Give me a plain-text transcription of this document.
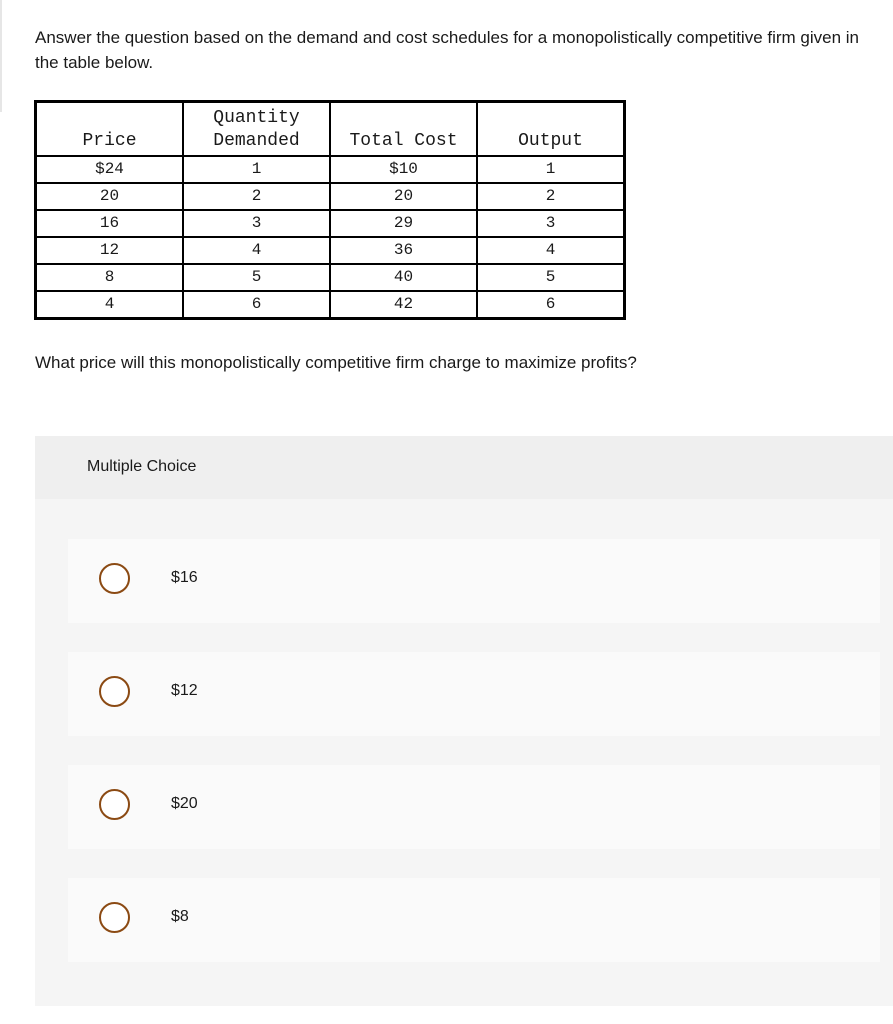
Answer the question based on the demand and cost schedules for a monopolistically competitive firm given in the table below.
Price	Quantity Demanded	Total Cost	Output
$24	1	$10	1
20	2	20	2
16	3	29	3
12	4	36	4
8	5	40	5
4	6	42	6
What price will this monopolistically competitive firm charge to maximize profits?
Multiple Choice
$16
$12
$20
$8
